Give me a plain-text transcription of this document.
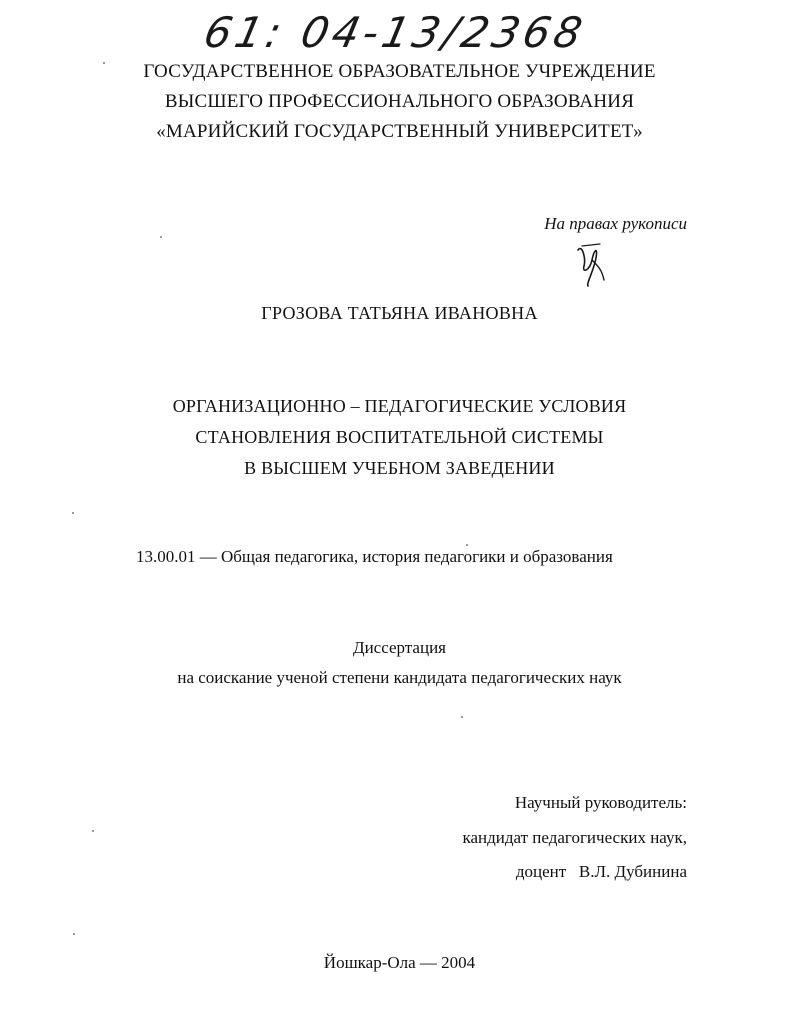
61: 04-13/2368
ГОСУДАРСТВЕННОЕ ОБРАЗОВАТЕЛЬНОЕ УЧРЕЖДЕНИЕ
ВЫСШЕГО ПРОФЕССИОНАЛЬНОГО ОБРАЗОВАНИЯ
«МАРИЙСКИЙ ГОСУДАРСТВЕННЫЙ УНИВЕРСИТЕТ»
На правах рукописи
ГРОЗОВА ТАТЬЯНА ИВАНОВНА
ОРГАНИЗАЦИОННО – ПЕДАГОГИЧЕСКИЕ УСЛОВИЯ
СТАНОВЛЕНИЯ ВОСПИТАТЕЛЬНОЙ СИСТЕМЫ
В ВЫСШЕМ УЧЕБНОМ ЗАВЕДЕНИИ
13.00.01 — Общая педагогика, история педагогики и образования
Диссертация
на соискание ученой степени кандидата педагогических наук
Научный руководитель:
кандидат педагогических наук,
доцент   В.Л. Дубинина
Йошкар-Ола — 2004
